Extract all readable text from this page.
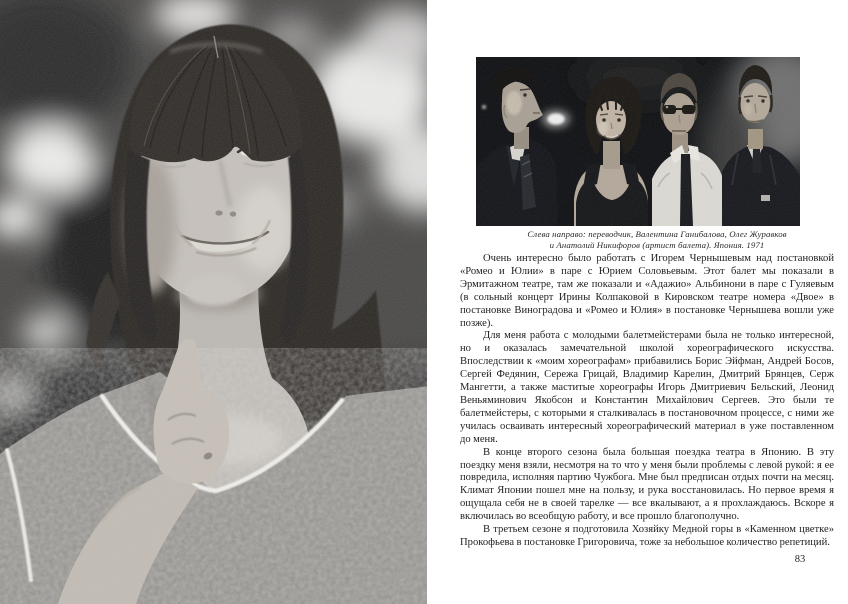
Слева направо: переводчик, Валентина Ганибалова, Олег Журавков
и Анатолий Никифоров (артист балета). Япония. 1971

Очень интересно было работать с Игорем Чернышевым над постановкой «Ромео и Юлии» в паре с Юрием Соловьевым. Этот балет мы показали в Эрмитажном театре, там же показали и «Адажио» Альбинони в паре с Гуляевым (в сольный концерт Ирины Колпаковой в Кировском театре номера «Двое» в постановке Виноградова и «Ромео и Юлия» в постановке Чернышева вошли уже позже).

Для меня работа с молодыми балетмейстерами была не только интересной, но и оказалась замечательной школой хореографического искусства. Впоследствии к «моим хореографам» прибавились Борис Эйфман, Андрей Босов, Сергей Федянин, Сережа Грицай, Владимир Карелин, Дмитрий Брянцев, Серж Мангетти, а также маститые хореографы Игорь Дмитриевич Бельский, Леонид Веньяминович Якобсон и Константин Михайлович Сергеев. Это были те балетмейстеры, с которыми я сталкивалась в постановочном процессе, с ними же училась осваивать интересный хореографический материал в уже поставленном до меня.

В конце второго сезона была большая поездка театра в Японию. В эту поездку меня взяли, несмотря на то что у меня были проблемы с левой рукой: я ее повредила, исполняя партию Чужбога. Мне был предписан отдых почти на месяц. Климат Японии пошел мне на пользу, и рука восстановилась. Но первое время я ощущала себя не в своей тарелке — все вкалывают, а я прохлаждаюсь. Вскоре я включилась во всеобщую работу, и все прошло благополучно.

В третьем сезоне я подготовила Хозяйку Медной горы в «Каменном цветке» Прокофьева в постановке Григоровича, тоже за небольшое количество репетиций.

83
